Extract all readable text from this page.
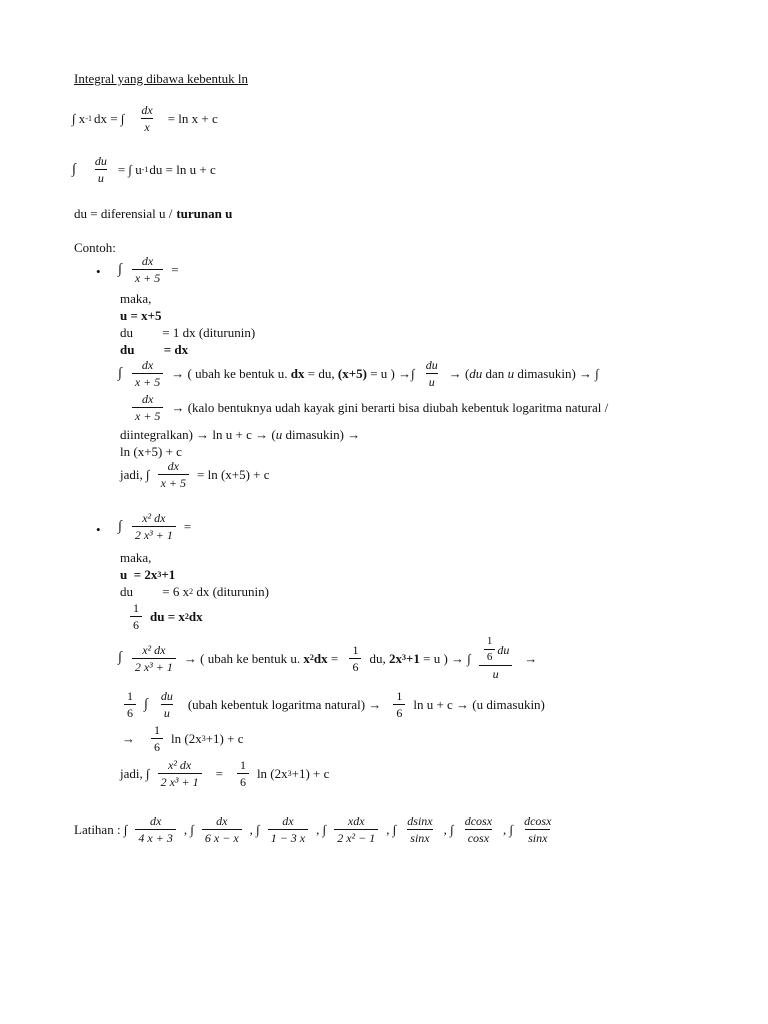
Integral yang dibawa kebentuk ln
∫ x -1 dx = ∫ $\frac{dx}{x} = \ln x + c$
∫ $\frac{du}{u}$ = ∫ u -1 du = ln u + c
du = diferensial u / turunan u
Contoh:
• ∫ $\frac{dx}{x + 5}$ =
maka,
u = x+5
du         = 1 dx (diturunin)
du         = dx
∫ $\frac{dx}{x + 5}$ → ( ubah ke bentuk u. dx = du, (x+5) = u ) →∫ $\frac{du}{u}$ → ( du dan u dimasukin) → ∫
$\frac{dx}{x + 5}$ → (kalo bentuknya udah kayak gini berarti bisa diubah kebentuk logaritma natural /
diintegralkan) → ln u + c → ( u dimasukin) →
ln (x+5) + c
jadi, ∫ $\frac{dx}{x + 5} = \ln (x+5) + c$
• ∫ $\frac{\text{x² dx}}{\text{2 x³ + 1}}$ =
maka,
u  = 2x 3 +1
du         = 6 x 2 dx (diturunin)
$\frac{1}{6}$ du = x 2 dx
∫ $\frac{\text{x² dx}}{\text{2 x³ + 1}}$ → ( ubah ke bentuk u. x 2 dx = $\frac{1}{6}$ du, 2x 3 +1 = u ) → ∫ $\frac{\frac{1}{6} du}{u}$ →
$\frac{1}{6}$ ∫ $\frac{du}{u}$ (ubah kebentuk logaritma natural) → $\frac{1}{6}$ ln u + c → (u dimasukin)
→ $\frac{1}{6}$ ln (2x 3 +1) + c
jadi, ∫ $\frac{\text{x² dx}}{\text{2 x³ + 1}} = \frac{1}{6}$ ln (2x 3 +1) + c
Latihan : ∫ $\frac{dx}{4 x + 3}$ , ∫ $\frac{dx}{6 x - x}$ , ∫ $\frac{dx}{1 - 3 x}$ , ∫ $\frac{\text{xdx}}{\text{2 x² − 1}}$ , ∫ $\frac{dsinx}{\sin x}$ , ∫ $\frac{dcosx}{\cos x}$ , ∫ $\frac{dcosx}{\sin x}$
